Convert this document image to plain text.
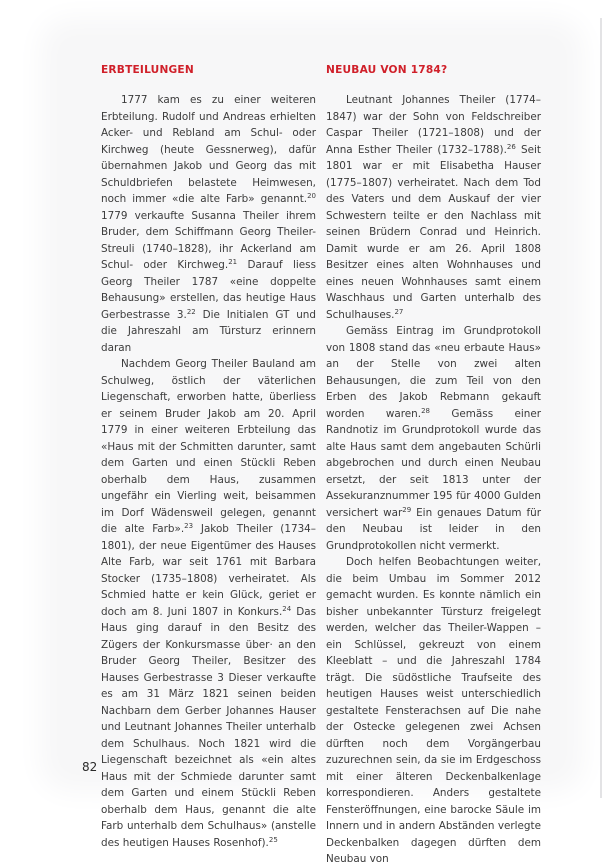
ERBTEILUNGEN

1777 kam es zu einer weiteren Erbteilung. Rudolf und Andreas erhielten Acker- und Rebland am Schul- oder Kirchweg (heute Gessnerweg), dafür übernahmen Jakob und Georg das mit Schuldbriefen belastete Heimwesen, noch immer «die alte Farb» genannt.$^{20}$ 1779 verkaufte Susanna Theiler ihrem Bruder, dem Schiffmann Georg Theiler-Streuli (1740–1828), ihr Ackerland am Schul- oder Kirchweg.$^{21}$ Darauf liess Georg Theiler 1787 «eine doppelte Behausung» erstellen, das heutige Haus Gerbestrasse 3.22 Die Initialen GT und die Jahreszahl am Türsturz erinnern daran

Nachdem Georg Theiler Bauland am Schulweg, östlich der väterlichen Liegenschaft, erworben hatte, überliess er seinem Bruder Jakob am 20. April 1779 in einer weiteren Erbteilung das «Haus mit der Schmitten darunter, samt dem Garten und einen Stückli Reben oberhalb dem Haus, zusammen ungefähr ein Vierling weit, beisammen im Dorf Wädensweil gelegen, genannt die alte Farb».$^{23}$ Jakob Theiler (1734–1801), der neue Eigentümer des Hauses Alte Farb, war seit 1761 mit Barbara Stocker (1735–1808) verheiratet. Als Schmied hatte er kein Glück, geriet er doch am 8. Juni 1807 in Konkurs.$^{24}$ Das Haus ging darauf in den Besitz des Zügers der Konkursmasse über· an den Bruder Georg Theiler, Besitzer des Hauses Gerbestrasse 3 Dieser verkaufte es am 31 März 1821 seinen beiden Nachbarn dem Gerber Johannes Hauser und Leutnant Johannes Theiler unterhalb dem Schulhaus. Noch 1821 wird die Liegenschaft bezeichnet als «ein altes Haus mit der Schmiede darunter samt dem Garten und einem Stückli Reben oberhalb dem Haus, genannt die alte Farb unterhalb dem Schulhaus» (anstelle des heutigen Hauses Rosenhof).$^{25}$

NEUBAU VON 1784?

Leutnant Johannes Theiler (1774–1847) war der Sohn von Feldschreiber Caspar Theiler (1721–1808) und der Anna Esther Theiler (1732–1788).$^{26}$ Seit 1801 war er mit Elisabetha Hauser (1775–1807) verheiratet. Nach dem Tod des Vaters und dem Auskauf der vier Schwestern teilte er den Nachlass mit seinen Brüdern Conrad und Heinrich. Damit wurde er am 26. April 1808 Besitzer eines alten Wohnhauses und eines neuen Wohnhauses samt einem Waschhaus und Garten unterhalb des Schulhauses.$^{27}$

Gemäss Eintrag im Grundprotokoll von 1808 stand das «neu erbaute Haus» an der Stelle von zwei alten Behausungen, die zum Teil von den Erben des Jakob Rebmann gekauft worden waren.$^{28}$ Gemäss einer Randnotiz im Grundprotokoll wurde das alte Haus samt dem angebauten Schürli abgebrochen und durch einen Neubau ersetzt, der seit 1813 unter der Assekuranznummer 195 für 4000 Gulden versichert war$^{29}$ Ein genaues Datum für den Neubau ist leider in den Grundprotokollen nicht vermerkt.

Doch helfen Beobachtungen weiter, die beim Umbau im Sommer 2012 gemacht wurden. Es konnte nämlich ein bisher unbekannter Türsturz freigelegt werden, welcher das Theiler-Wappen – ein Schlüssel, gekreuzt von einem Kleeblatt – und die Jahreszahl 1784 trägt. Die südöstliche Traufseite des heutigen Hauses weist unterschiedlich gestaltete Fensterachsen auf Die nahe der Ostecke gelegenen zwei Achsen dürften noch dem Vorgängerbau zuzurechnen sein, da sie im Erdgeschoss mit einer älteren Deckenbalkenlage korrespondieren. Anders gestaltete Fensteröffnungen, eine barocke Säule im Innern und in andern Abständen verlegte Deckenbalken dagegen dürften dem Neubau von

82
